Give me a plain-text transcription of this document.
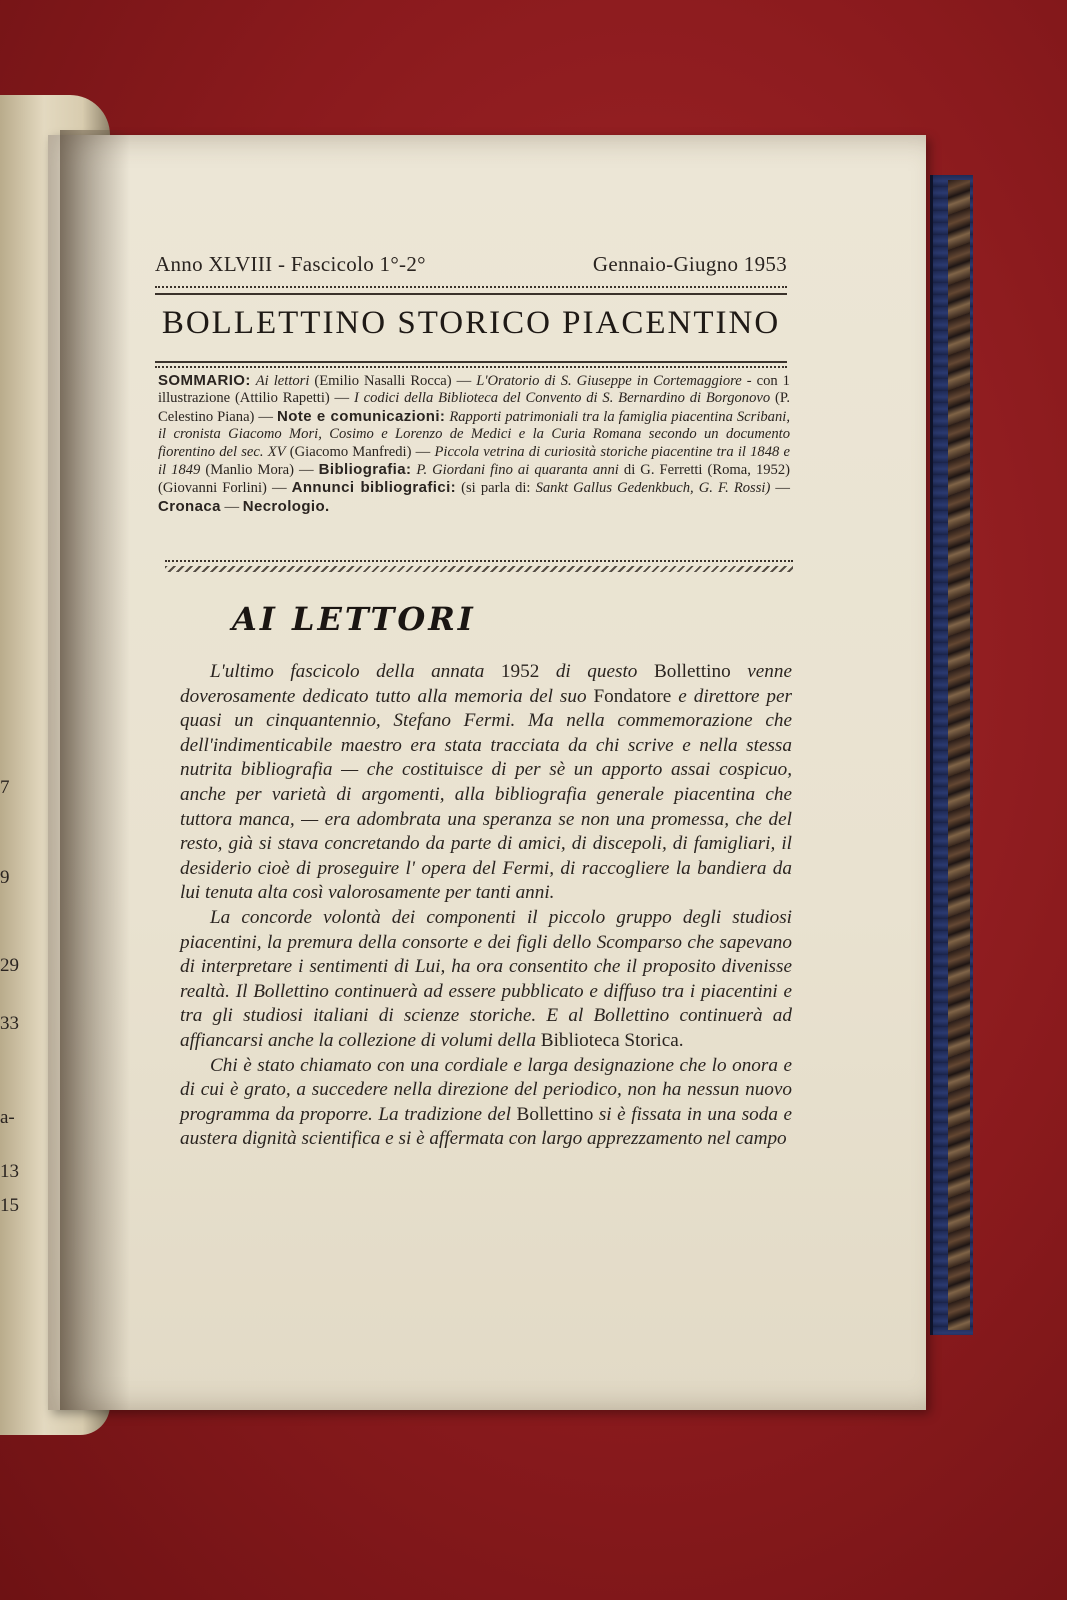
7
9
29
33
a-
13
15
Anno XLVIII - Fascicolo 1°-2°	Gennaio-Giugno 1953
BOLLETTINO STORICO PIACENTINO
SOMMARIO: Ai lettori (Emilio Nasalli Rocca) — L'Oratorio di S. Giuseppe in Cortemaggiore - con 1 illustrazione (Attilio Rapetti) — I codici della Biblioteca del Convento di S. Bernardino di Borgonovo (P. Celestino Piana) — Note e comunicazioni: Rapporti patrimoniali tra la famiglia piacentina Scribani, il cronista Giacomo Mori, Cosimo e Lorenzo de Medici e la Curia Romana secondo un documento fiorentino del sec. XV (Giacomo Manfredi) — Piccola vetrina di curiosità storiche piacentine tra il 1848 e il 1849 (Manlio Mora) — Bibliografia: P. Giordani fino ai quaranta anni di G. Ferretti (Roma, 1952) (Giovanni Forlini) — Annunci bibliografici: (si parla di: Sankt Gallus Gedenkbuch, G. F. Rossi) — Cronaca — Necrologio.
AI LETTORI

L'ultimo fascicolo della annata 1952 di questo Bollettino venne doverosamente dedicato tutto alla memoria del suo Fondatore e direttore per quasi un cinquantennio, Stefano Fermi. Ma nella commemorazione che dell'indimenticabile maestro era stata tracciata da chi scrive e nella stessa nutrita bibliografia — che costituisce di per sè un apporto assai cospicuo, anche per varietà di argomenti, alla bibliografia generale piacentina che tuttora manca, — era adombrata una speranza se non una promessa, che del resto, già si stava concretando da parte di amici, di discepoli, di famigliari, il desiderio cioè di proseguire l' opera del Fermi, di raccogliere la bandiera da lui tenuta alta così valorosamente per tanti anni.

La concorde volontà dei componenti il piccolo gruppo degli studiosi piacentini, la premura della consorte e dei figli dello Scomparso che sapevano di interpretare i sentimenti di Lui, ha ora consentito che il proposito divenisse realtà. Il Bollettino continuerà ad essere pubblicato e diffuso tra i piacentini e tra gli studiosi italiani di scienze storiche. E al Bollettino continuerà ad affiancarsi anche la collezione di volumi della Biblioteca Storica.

Chi è stato chiamato con una cordiale e larga designazione che lo onora e di cui è grato, a succedere nella direzione del periodico, non ha nessun nuovo programma da proporre. La tradizione del Bollettino si è fissata in una soda e austera dignità scientifica e si è affermata con largo apprezzamento nel campo
